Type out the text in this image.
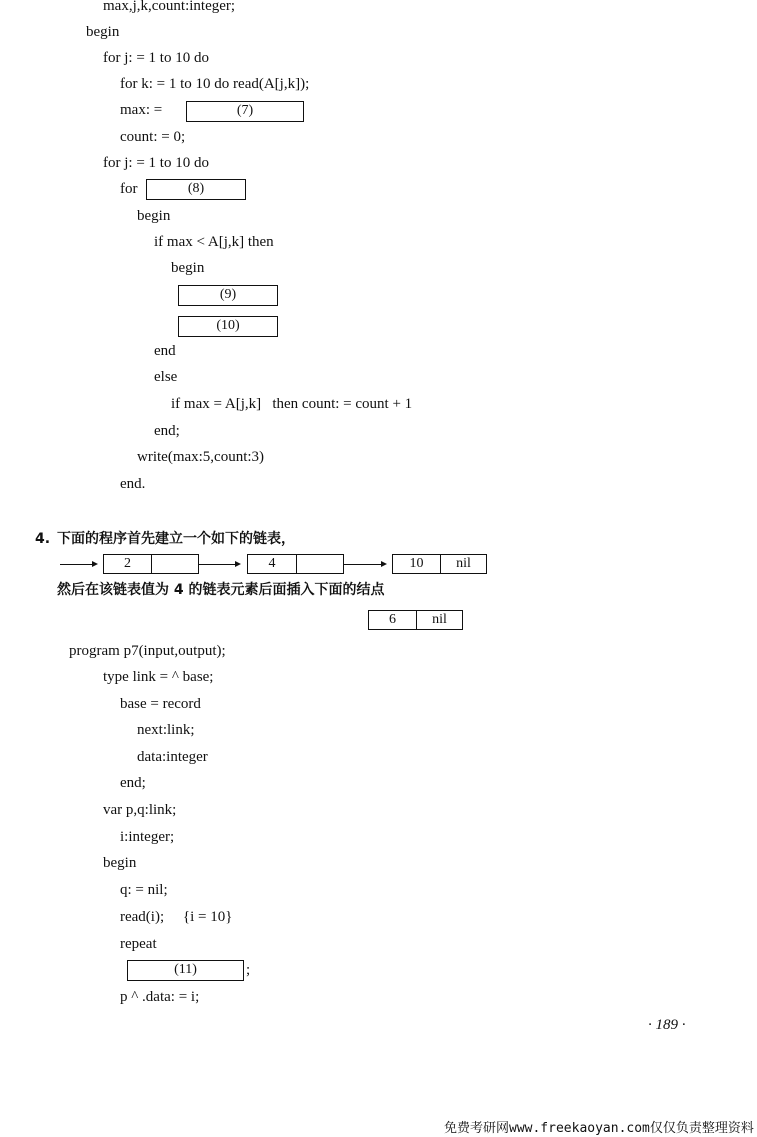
max,j,k,count:integer;
begin
for j: = 1 to 10 do
for k: = 1 to 10 do read(A[j,k]);
max: =	(7)
count: = 0;
for j: = 1 to 10 do
for	(8)
begin
if max < A[j,k] then
begin
(9)
(10)
end
else
if max = A[j,k]   then count: = count + 1
end;
write(max:5,count:3)
end.
4. 下面的程序首先建立一个如下的链表，
2	4	10	nil
然后在该链表值为 4 的链表元素后面插入下面的结点
6	nil
program p7(input,output);
type link = ^ base;
base = record
next:link;
data:integer
end;
var p,q:link;
i:integer;
begin
q: = nil;
read(i);     {i = 10}
repeat
(11)	;
p ^ .data: = i;
· 189 ·
免费考研网www.freekaoyan.com仅仅负责整理资料
